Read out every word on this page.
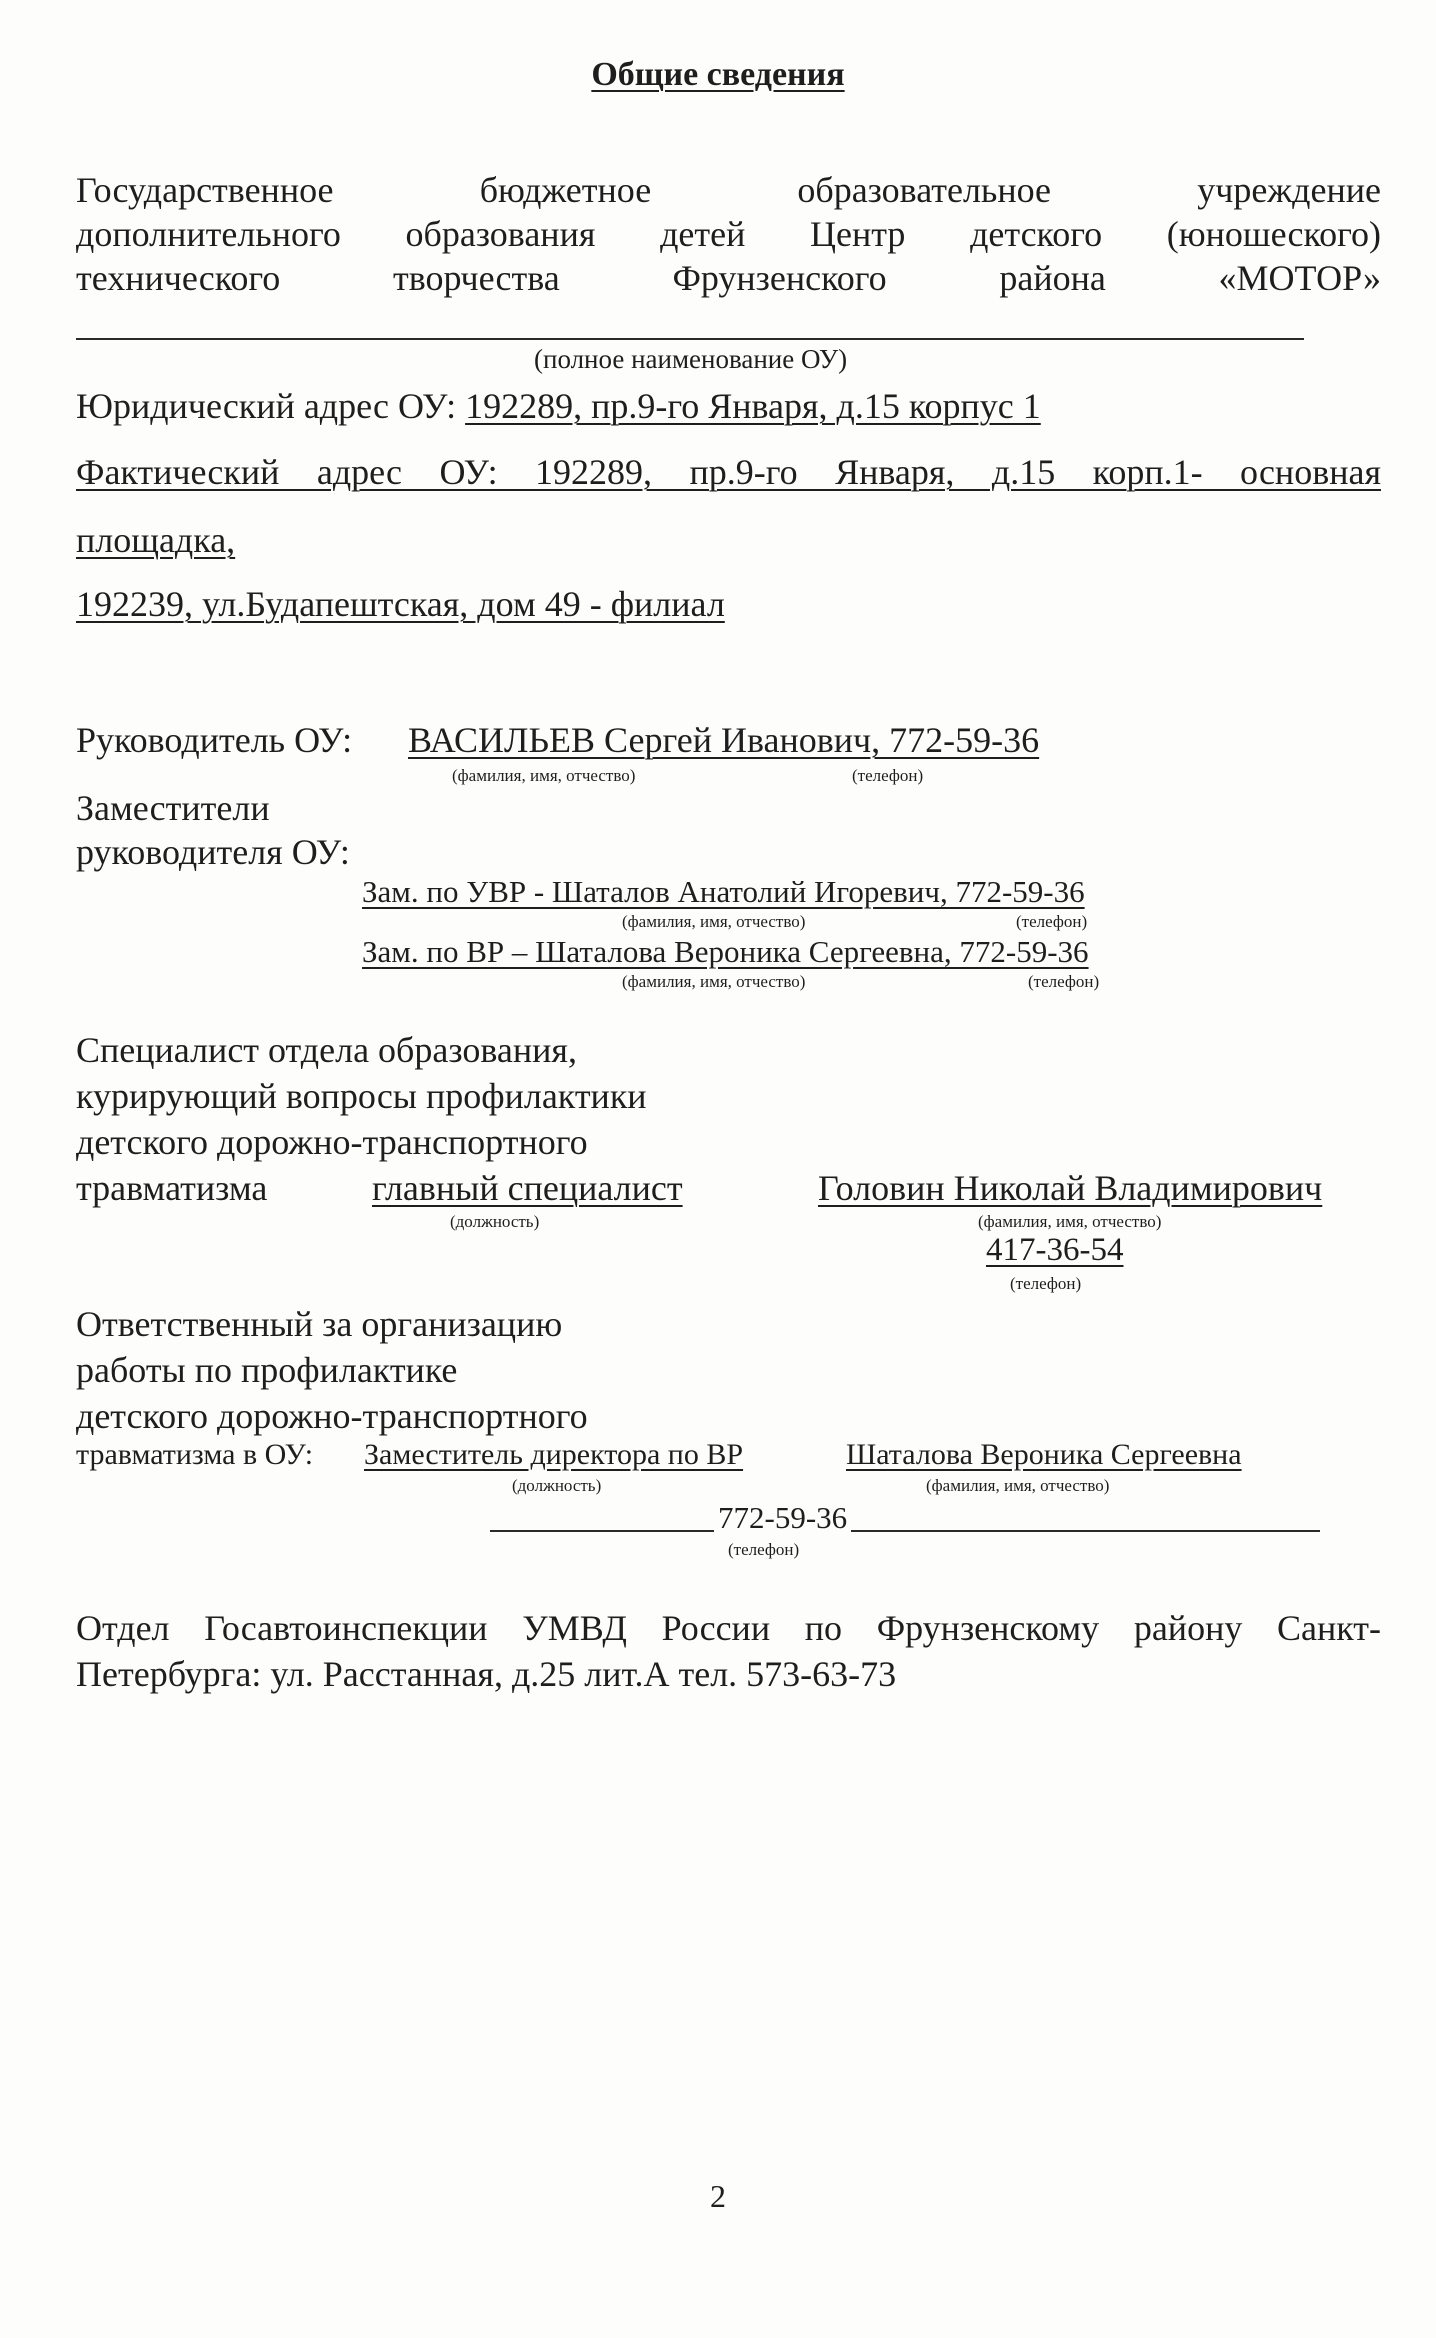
Общие сведения
Государственное бюджетное образовательное учреждение
дополнительного образования детей Центр детского (юношеского)
технического творчества Фрунзенского района «МОТОР»
(полное наименование ОУ)
Юридический адрес ОУ: 192289, пр.9-го Января, д.15 корпус 1
Фактический адрес ОУ: 192289, пр.9-го Января, д.15 корп.1- основная
площадка,
192239, ул.Будапештская, дом 49 - филиал
Руководитель ОУ: ВАСИЛЬЕВ Сергей Иванович, 772-59-36
(фамилия, имя, отчество)	(телефон)
Заместители
руководителя ОУ:
Зам. по УВР - Шаталов Анатолий Игоревич, 772-59-36
(фамилия, имя, отчество)	(телефон)
Зам. по ВР – Шаталова Вероника Сергеевна, 772-59-36
(фамилия, имя, отчество)	(телефон)
Специалист отдела образования,
курирующий вопросы профилактики
детского дорожно-транспортного
травматизма	главный специалист
(должность)
Головин Николай Владимирович
(фамилия, имя, отчество)
417-36-54
(телефон)
Ответственный за организацию
работы по профилактике
детского дорожно-транспортного
травматизма в ОУ: Заместитель директора по ВР
(должность)
Шаталова Вероника Сергеевна
(фамилия, имя, отчество)
772-59-36
(телефон)
Отдел Госавтоинспекции УМВД России по Фрунзенскому району Санкт-
Петербурга: ул. Расстанная, д.25 лит.А тел. 573-63-73
2
